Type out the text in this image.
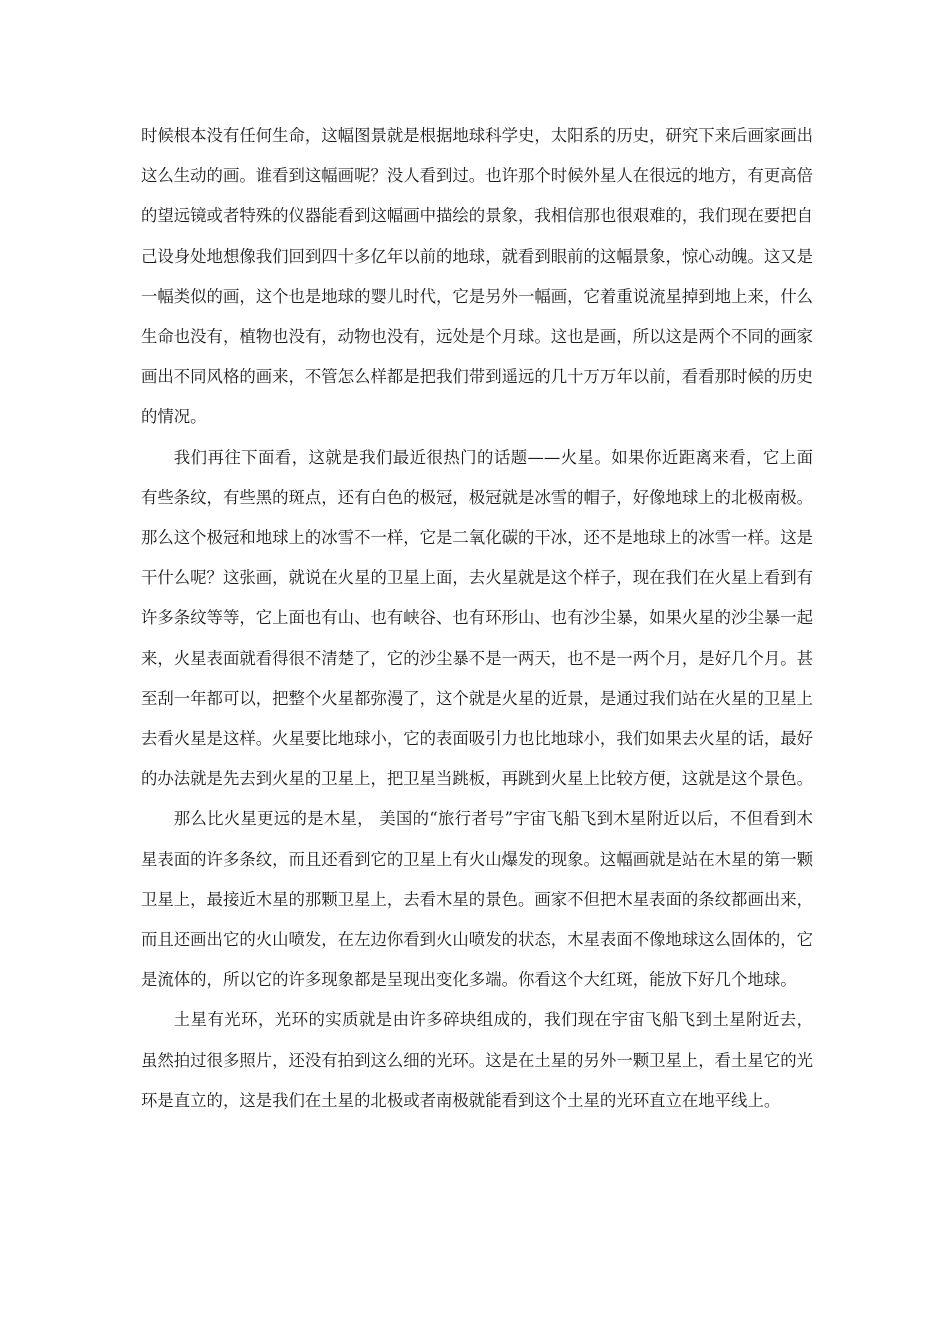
时候根本没有任何生命，这幅图景就是根据地球科学史，太阳系的历史，研究下来后画家画出这么生动的画。谁看到这幅画呢？没人看到过。也许那个时候外星人在很远的地方，有更高倍的望远镜或者特殊的仪器能看到这幅画中描绘的景象，我相信那也很艰难的，我们现在要把自己设身处地想像我们回到四十多亿年以前的地球，就看到眼前的这幅景象，惊心动魄。这又是一幅类似的画，这个也是地球的婴儿时代，它是另外一幅画，它着重说流星掉到地上来，什么生命也没有，植物也没有，动物也没有，远处是个月球。这也是画，所以这是两个不同的画家画出不同风格的画来，不管怎么样都是把我们带到遥远的几十万万年以前，看看那时候的历史的情况。

我们再往下面看，这就是我们最近很热门的话题——火星。如果你近距离来看，它上面有些条纹，有些黑的斑点，还有白色的极冠，极冠就是冰雪的帽子，好像地球上的北极南极。那么这个极冠和地球上的冰雪不一样，它是二氧化碳的干冰，还不是地球上的冰雪一样。这是干什么呢？这张画，就说在火星的卫星上面，去火星就是这个样子，现在我们在火星上看到有许多条纹等等，它上面也有山、也有峡谷、也有环形山、也有沙尘暴，如果火星的沙尘暴一起来，火星表面就看得很不清楚了，它的沙尘暴不是一两天，也不是一两个月，是好几个月。甚至刮一年都可以，把整个火星都弥漫了，这个就是火星的近景，是通过我们站在火星的卫星上去看火星是这样。火星要比地球小，它的表面吸引力也比地球小，我们如果去火星的话，最好的办法就是先去到火星的卫星上，把卫星当跳板，再跳到火星上比较方便，这就是这个景色。

那么比火星更远的是木星， 美国的“旅行者号”宇宙飞船飞到木星附近以后，不但看到木星表面的许多条纹，而且还看到它的卫星上有火山爆发的现象。这幅画就是站在木星的第一颗卫星上，最接近木星的那颗卫星上，去看木星的景色。画家不但把木星表面的条纹都画出来，而且还画出它的火山喷发，在左边你看到火山喷发的状态，木星表面不像地球这么固体的，它是流体的，所以它的许多现象都是呈现出变化多端。你看这个大红斑，能放下好几个地球。

土星有光环，光环的实质就是由许多碎块组成的，我们现在宇宙飞船飞到土星附近去，虽然拍过很多照片，还没有拍到这么细的光环。这是在土星的另外一颗卫星上，看土星它的光环是直立的，这是我们在土星的北极或者南极就能看到这个土星的光环直立在地平线上。
